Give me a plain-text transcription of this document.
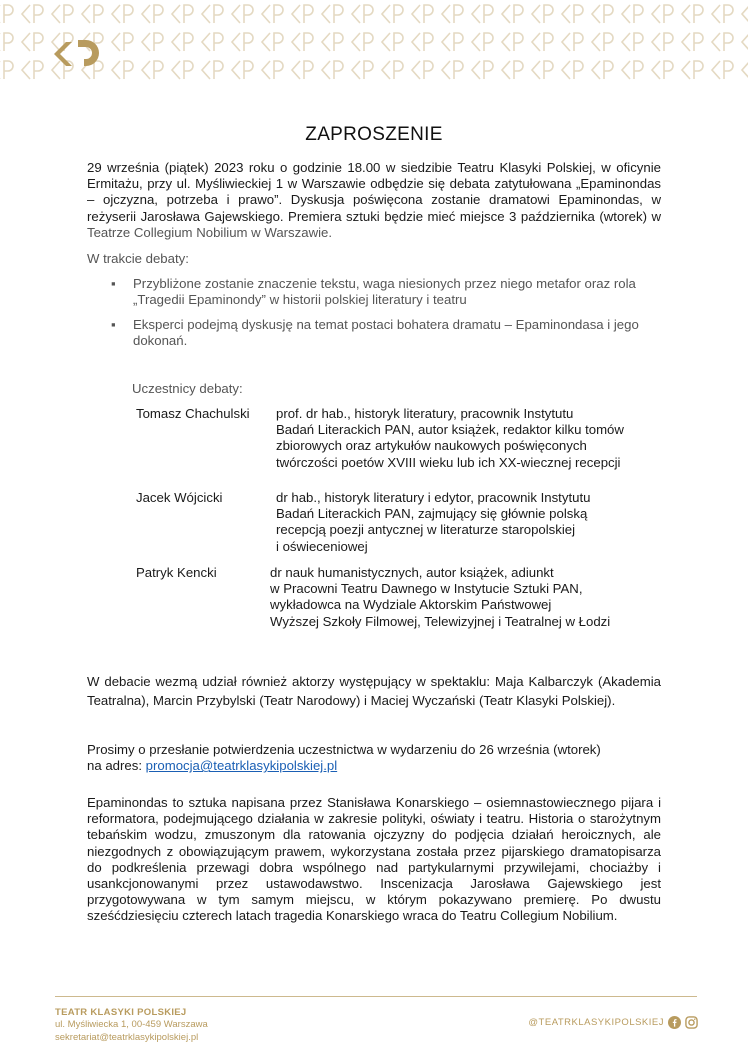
ZAPROSZENIE
29 września (piątek) 2023 roku o godzinie 18.00 w siedzibie Teatru Klasyki Polskiej, w oficynie Ermitażu, przy ul. Myśliwieckiej 1 w Warszawie odbędzie się debata zatytułowana „Epaminondas – ojczyzna, potrzeba i prawo”. Dyskusja poświęcona zostanie dramatowi Epaminondas, w reżyserii Jarosława Gajewskiego. Premiera sztuki będzie mieć miejsce 3 października (wtorek) w Teatrze Collegium Nobilium w Warszawie.
W trakcie debaty:
▪ Przybliżone zostanie znaczenie tekstu, waga niesionych przez niego metafor oraz rola „Tragedii Epaminondy” w historii polskiej literatury i teatru
▪ Eksperci podejmą dyskusję na temat postaci bohatera dramatu – Epaminondasa i jego dokonań.
Uczestnicy debaty:
Tomasz Chachulski prof. dr hab., historyk literatury, pracownik Instytutu
Badań Literackich PAN, autor książek, redaktor kilku tomów
zbiorowych oraz artykułów naukowych poświęconych
twórczości poetów XVIII wieku lub ich XX-wiecznej recepcji
Jacek Wójcicki	dr hab., historyk literatury i edytor, pracownik Instytutu
Badań Literackich PAN, zajmujący się głównie polską
recepcją poezji antycznej w literaturze staropolskiej
i oświeceniowej
Patryk Kencki	dr nauk humanistycznych, autor książek, adiunkt
w Pracowni Teatru Dawnego w Instytucie Sztuki PAN,
wykładowca na Wydziale Aktorskim Państwowej
Wyższej Szkoły Filmowej, Telewizyjnej i Teatralnej w Łodzi
W debacie wezmą udział również aktorzy występujący w spektaklu: Maja Kalbarczyk (Akademia Teatralna), Marcin Przybylski (Teatr Narodowy) i Maciej Wyczański (Teatr Klasyki Polskiej).
Prosimy o przesłanie potwierdzenia uczestnictwa w wydarzeniu do 26 września (wtorek)
na adres: promocja@teatrklasykipolskiej.pl
Epaminondas to sztuka napisana przez Stanisława Konarskiego – osiemnastowiecznego pijara i reformatora, podejmującego działania w zakresie polityki, oświaty i teatru. Historia o starożytnym tebańskim wodzu, zmuszonym dla ratowania ojczyzny do podjęcia działań heroicznych, ale niezgodnych z obowiązującym prawem, wykorzystana została przez pijarskiego dramatopisarza do podkreślenia przewagi dobra wspólnego nad partykularnymi przywilejami, chociażby i usankcjonowanymi przez ustawodawstwo. Inscenizacja Jarosława Gajewskiego jest przygotowywana w tym samym miejscu, w którym pokazywano premierę. Po dwustu sześćdziesięciu czterech latach tragedia Konarskiego wraca do Teatru Collegium Nobilium.
TEATR KLASYKI POLSKIEJ
ul. Myśliwiecka 1, 00-459 Warszawa
sekretariat@teatrklasykipolskiej.pl
@TEATRKLASYKIPOLSKIEJ
